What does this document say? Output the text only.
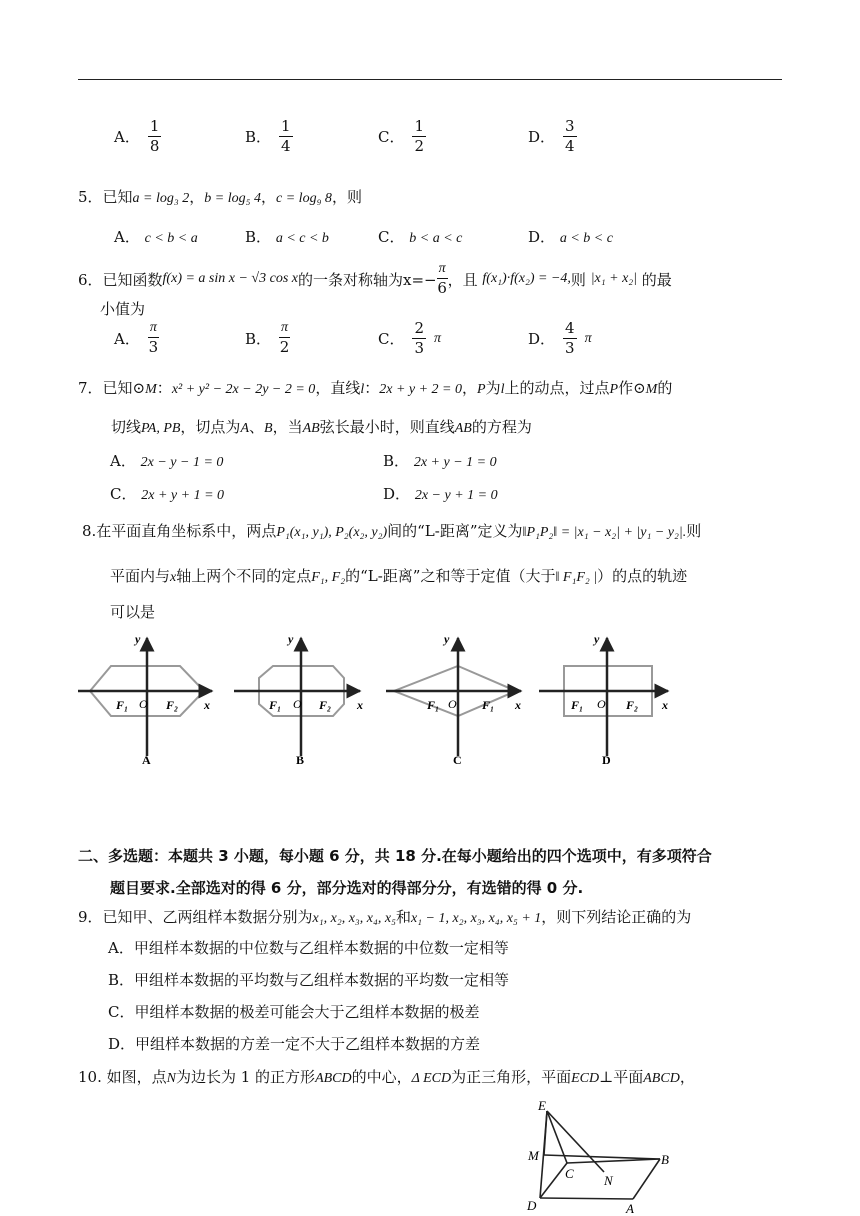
A． $\frac{1}{8}$	B． $\frac{1}{4}$	C． $\frac{1}{2}$	D． $\frac{3}{4}$
5．已知a = log₃ 2，b = log₅ 4，c = log₉ 8，则
A． c < b < a	B． a < c < b	C． b < a < c	D． a < b < c
6．已知函数 f(x) = a sin x − √3 cos x 的一条对称轴为$x=- \frac{\pi}{6}$ ，且
f(x₁)·f(x₂) = −4, 则
|x₁ + x₂|
的最
小值为
A． $\frac{\pi}{3}$	B． $\frac{\pi}{2}$	C． $\frac{2}{3}$ π	D． $\frac{4}{3}$ π
7．已知⊙M：x² + y² − 2x − 2y − 2 = 0，直线l：2x + y + 2 = 0，P为l上的动点，过点P作⊙M的
切线PA, PB，切点为A、B，当AB弦长最小时，则直线AB的方程为
A． 2x − y − 1 = 0	B． 2x + y − 1 = 0
C． 2x + y + 1 = 0	D． 2x − y + 1 = 0
8.在平面直角坐标系中，两点P₁(x₁, y₁), P₂(x₂, y₂)间的“L-距离”定义为‖P₁P₂‖ = |x₁ − x₂| + |y₁ − y₂|.则
平面内与x轴上两个不同的定点F₁, F₂的“L-距离”之和等于定值（大于‖ F₁F₂ |）的点的轨迹
可以是
y
x
F₁ O F₂
A
y
x
F₁ O F₂
B
y
x
F₁ O F₁
C
y
x
F₁ O F₂
D
二、多选题：本题共 3 小题，每小题 6 分，共 18 分.在每小题给出的四个选项中，有多项符合
题目要求.全部选对的得 6 分，部分选对的得部分分，有选错的得 0 分.
9．已知甲、乙两组样本数据分别为x₁, x₂, x₃, x₄, x₅和x₁ − 1, x₂, x₃, x₄, x₅ + 1，则下列结论正确的为
A．甲组样本数据的中位数与乙组样本数据的中位数一定相等
B．甲组样本数据的平均数与乙组样本数据的平均数一定相等
C．甲组样本数据的极差可能会大于乙组样本数据的极差
D．甲组样本数据的方差一定不大于乙组样本数据的方差
10. 如图，点N为边长为 1 的正方形ABCD的中心，Δ ECD为正三角形，平面ECD⊥平面ABCD，
E
M
C N
B
D	A
